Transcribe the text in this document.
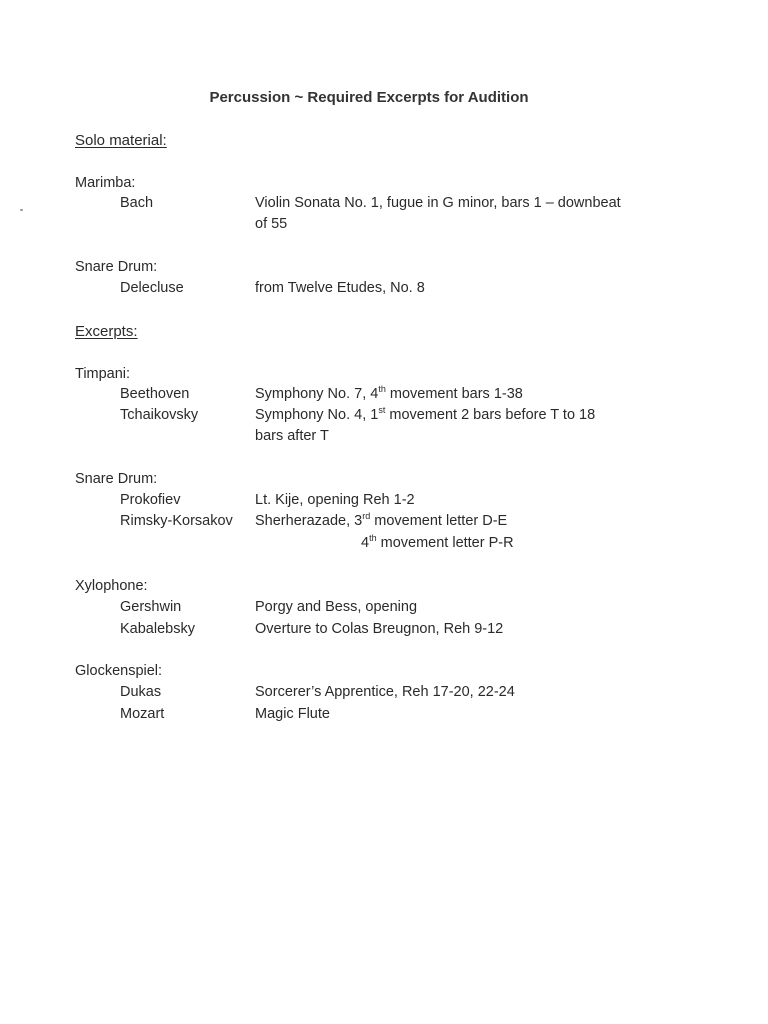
Percussion ~ Required Excerpts for Audition
Solo material:
Marimba:
Bach	Violin Sonata No. 1, fugue in G minor, bars 1 – downbeat
of 55
Snare Drum:
Delecluse	from Twelve Etudes, No. 8
Excerpts:
Timpani:
Beethoven	Symphony No. 7, 4th movement bars 1-38
Tchaikovsky	Symphony No. 4, 1st movement 2 bars before T to 18
bars after T
Snare Drum:
Prokofiev	Lt. Kije, opening Reh 1-2
Rimsky-Korsakov Sherherazade, 3rd movement letter D-E
4th movement letter P-R
Xylophone:
Gershwin	Porgy and Bess, opening
Kabalebsky	Overture to Colas Breugnon, Reh 9-12
Glockenspiel:
Dukas	Sorcerer’s Apprentice, Reh 17-20, 22-24
Mozart	Magic Flute
